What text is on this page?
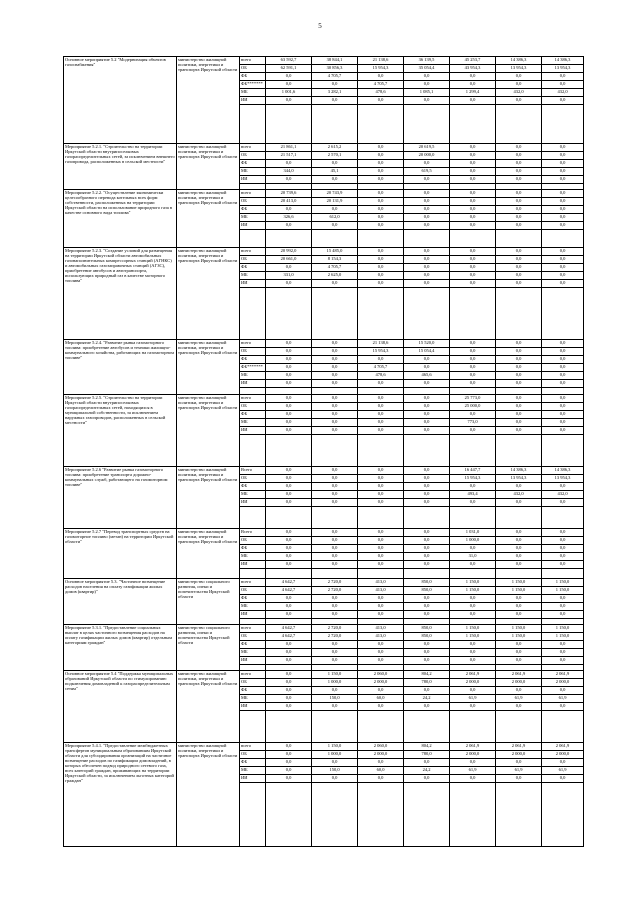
5
Основное мероприятие 5.2 "Модернизация объектов газоснабжения"	министерство жилищной политики, энергетики и транспорта Иркутской области	всего	63 592,7	38 844,1	21 138,6	36 139,5	45 253,7	14 386,3	14 386,3
		ОБ	62 591,1	30 856,3	15 954,3	35 054,4	43 954,3	13 954,3	13 954,3
		ФБ	0,0	4 705,7	0,0	0,0	0,0	0,0	0,0
		ФБ*******	0,0	0,0	4 705,7	0,0	0,0	0,0	0,0
		МБ	1 001,6	3 282,1	478,6	1 085,1	1 299,4	432,0	432,0
		ИИ	0,0	0,0	0,0	0,0	0,0	0,0	0,0

Мероприятие 5.2.1. "Строительство на территории Иркутской области внутрипоселковых газораспределительных сетей, за исключением внешнего газопровода, расположенных в сельской местности"	министерство жилищной политики, энергетики и транспорта Иркутской области	всего	21 861,1	2 615,2	0,0	20 619,5	0,0	0,0	0,0
		ОБ	21 517,1	2 570,1	0,0	20 000,0	0,0	0,0	0,0
		ФБ	0,0	0,0	0,0	0,0	0,0	0,0	0,0
		МБ	344,0	45,1	0,0	619,5	0,0	0,0	0,0
		ИИ	0,0	0,0	0,0	0,0	0,0	0,0	0,0

Мероприятие 5.2.2. "Осуществление экономически целесообразного перевода котельных всех форм собственности, расположенных на территории Иркутской области на использование природного газа в качестве основного вида топлива"	министерство жилищной политики, энергетики и транспорта Иркутской области	всего	20 739,6	20 743,9	0,0	0,0	0,0	0,0	0,0
		ОБ	20 413,0	20 131,9	0,0	0,0	0,0	0,0	0,0
		ФБ	0,0	0,0	0,0	0,0	0,0	0,0	0,0
		МБ	326,6	612,0	0,0	0,0	0,0	0,0	0,0
		ИИ	0,0	0,0	0,0	0,0	0,0	0,0	0,0

Мероприятие 5.2.3. "Создание условий для размещения на территории Иркутской области автомобильных газонаполнительных компрессорных станций (АГНКС) и автомобильных газозаправочных станций (АГЗС), приобретение автобусов и автотранспорта, использующих природный газ в качестве моторного топлива"	министерство жилищной политики, энергетики и транспорта Иркутской области	всего	20 992,0	15 485,0	0,0	0,0	0,0	0,0	0,0
		ОБ	20 661,0	8 154,3	0,0	0,0	0,0	0,0	0,0
		ФБ	0,0	4 705,7	0,0	0,0	0,0	0,0	0,0
		МБ	331,0	2 625,0	0,0	0,0	0,0	0,0	0,0
		ИИ	0,0	0,0	0,0	0,0	0,0	0,0	0,0

Мероприятие 5.2.4. "Развитие рынка газомоторного топлива: приобретение автобусов и техники жилищно-коммунального хозяйства, работающих на газомоторном топливе"	министерство жилищной политики, энергетики и транспорта Иркутской области	всего	0,0	0,0	21 138,6	15 520,0	0,0	0,0	0,0
		ОБ	0,0	0,0	15 954,3	15 054,4	0,0	0,0	0,0
		ФБ	0,0	0,0	0,0	0,0	0,0	0,0	0,0
		ФБ*******	0,0	0,0	4 705,7	0,0	0,0	0,0	0,0
		МБ	0,0	0,0	478,6	465,6	0,0	0,0	0,0
		ИИ	0,0	0,0	0,0	0,0	0,0	0,0	0,0

Мероприятие 5.2.5. "Строительство на территории Иркутской области внутрипоселковых газораспределительных сетей, находящихся в муниципальной собственности, за исключением наружных газопроводов, расположенных в сельской местности"	министерство жилищной политики, энергетики и транспорта Иркутской области	всего	0,0	0,0	0,0	0,0	25 773,0	0,0	0,0
		ОБ	0,0	0,0	0,0	0,0	25 000,0	0,0	0,0
		ФБ	0,0	0,0	0,0	0,0	0,0	0,0	0,0
		МБ	0,0	0,0	0,0	0,0	773,0	0,0	0,0
		ИИ	0,0	0,0	0,0	0,0	0,0	0,0	0,0

Мероприятие 5.2.6 "Развитие рынка газомоторного топлива: приобретение транспорта дорожно-коммунальных служб, работающего на газомоторном топливе"	министерство жилищной политики, энергетики и транспорта Иркутской области	Всего	0,0	0,0	0,0	0,0	16 447,7	14 386,3	14 386,3
		ОБ	0,0	0,0	0,0	0,0	15 954,3	13 954,3	13 954,3
		ФБ	0,0	0,0	0,0	0,0	0,0	0,0	0,0
		МБ	0,0	0,0	0,0	0,0	493,4	432,0	432,0
		ИИ	0,0	0,0	0,0	0,0	0,0	0,0	0,0

Мероприятие 5.2.7 "Перевод транспортных средств на газомоторное топливо (метан) на территории Иркутской области"	министерство жилищной политики, энергетики и транспорта Иркутской области	Всего	0,0	0,0	0,0	0,0	1 031,0	0,0	0,0
		ОБ	0,0	0,0	0,0	0,0	1 000,0	0,0	0,0
		ФБ	0,0	0,0	0,0	0,0	0,0	0,0	0,0
		МБ	0,0	0,0	0,0	0,0	31,0	0,0	0,0
		ИИ	0,0	0,0	0,0	0,0	0,0	0,0	0,0

Основное мероприятие 5.3. "Частичное возмещение расходов населения на оплату газификации жилых домов (квартир)"	министерство социального развития, опеки и попечительства Иркутской области	всего	4 642,7	2 720,0	413,0	850,0	1 150,0	1 150,0	1 150,0
		ОБ	4 642,7	2 720,0	413,0	850,0	1 150,0	1 150,0	1 150,0
		ФБ	0,0	0,0	0,0	0,0	0,0	0,0	0,0
		МБ	0,0	0,0	0,0	0,0	0,0	0,0	0,0
		ИИ	0,0	0,0	0,0	0,0	0,0	0,0	0,0

Мероприятие 5.3.1. "Предоставление социальных выплат в целях частичного возмещения расходов на оплату газификации жилых домов (квартир) отдельным категориям граждан"	министерство социального развития, опеки и попечительства Иркутской области	всего	4 642,7	2 720,0	413,0	850,0	1 150,0	1 150,0	1 150,0
		ОБ	4 642,7	2 720,0	413,0	850,0	1 150,0	1 150,0	1 150,0
		ФБ	0,0	0,0	0,0	0,0	0,0	0,0	0,0
		МБ	0,0	0,0	0,0	0,0	0,0	0,0	0,0
		ИИ	0,0	0,0	0,0	0,0	0,0	0,0	0,0

Основное мероприятие 5.4 "Поддержка муниципальных образований Иркутской области по стимулированию подключения домовладений к газораспределительным сетям"	министерство жилищной политики, энергетики и транспорта Иркутской области	всего	0,0	1 150,0	2 060,0	804,2	2 061,9	2 061,9	2 061,9
		ОБ	0,0	1 000,0	2 000,0	780,0	2 000,0	2 000,0	2 000,0
		ФБ	0,0	0,0	0,0	0,0	0,0	0,0	0,0
		МБ	0,0	150,0	60,0	24,2	61,9	61,9	61,9
		ИИ	0,0	0,0	0,0	0,0	0,0	0,0	0,0

Мероприятие 5.4.1. "Предоставление межбюджетных трансфертов муниципальным образованиям Иркутской области для субсидирования организаций на частичное возмещение расходов по газификации домовладений, в которых обеспечен подвод природного сетевого газа, всех категорий граждан, проживающих на территории Иркутской области, за исключением льготных категорий граждан"	министерство жилищной политики, энергетики и транспорта Иркутской области	всего	0,0	1 150,0	2 060,0	804,2	2 061,9	2 061,9	2 061,9
		ОБ	0,0	1 000,0	2 000,0	780,0	2 000,0	2 000,0	2 000,0
		ФБ	0,0	0,0	0,0	0,0	0,0	0,0	0,0
		МБ	0,0	150,0	60,0	24,2	61,9	61,9	61,9
		ИИ	0,0	0,0	0,0	0,0	0,0	0,0	0,0
